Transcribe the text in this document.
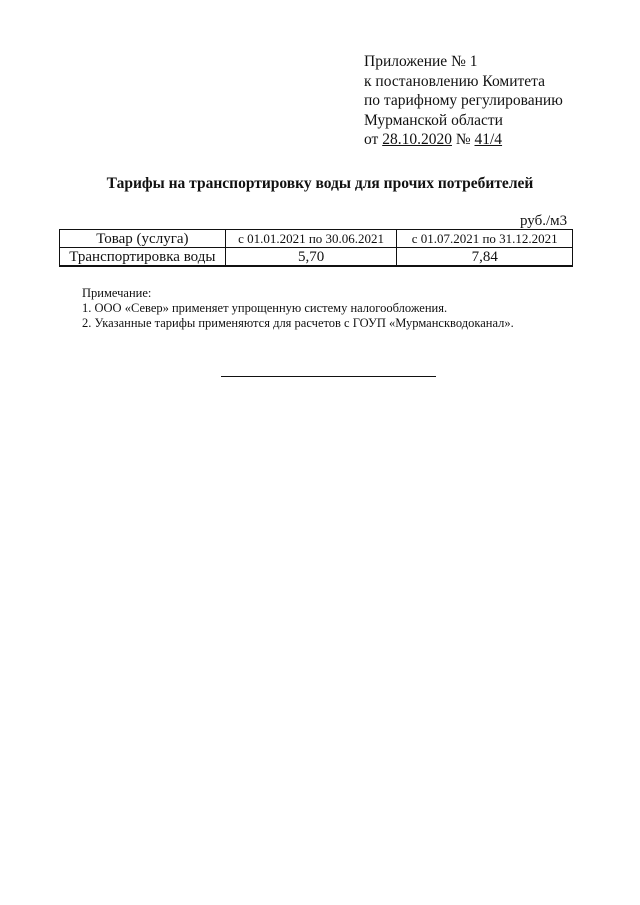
Приложение № 1
к постановлению Комитета
по тарифному регулированию
Мурманской области
от 28.10.2020 № 41/4
Тарифы на транспортировку воды для прочих потребителей
руб./м3
Товар (услуга)	с 01.01.2021 по 30.06.2021	с 01.07.2021 по 31.12.2021
Транспортировка воды	5,70	7,84
Примечание:
1. ООО «Север» применяет упрощенную систему налогообложения.
2. Указанные тарифы применяются для расчетов с ГОУП «Мурманскводоканал».
